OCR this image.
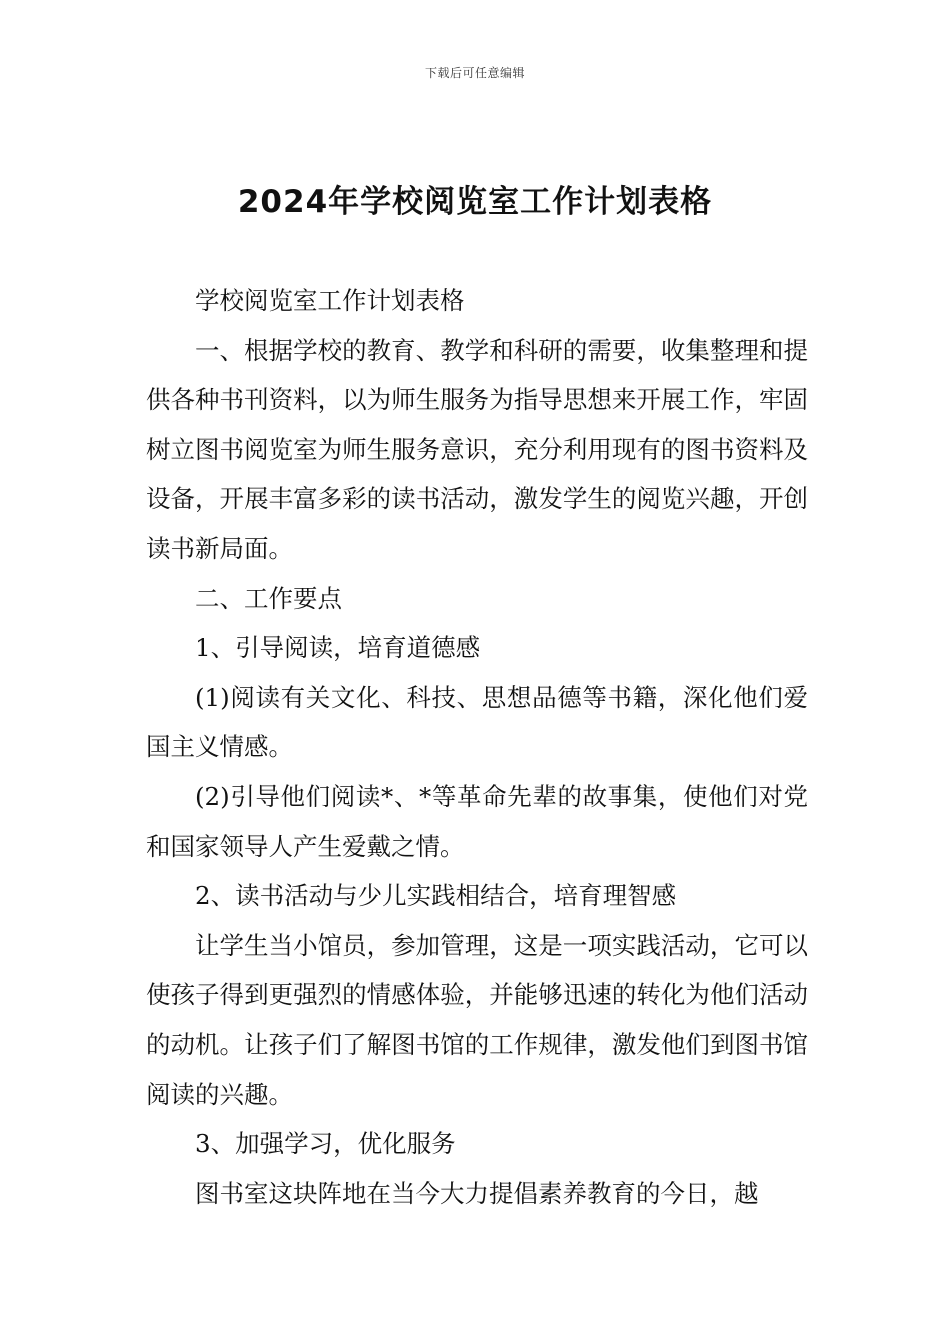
下载后可任意编辑
2024年学校阅览室工作计划表格

学校阅览室工作计划表格

一、根据学校的教育、教学和科研的需要，收集整理和提供各种书刊资料，以为师生服务为指导思想来开展工作，牢固树立图书阅览室为师生服务意识，充分利用现有的图书资料及设备，开展丰富多彩的读书活动，激发学生的阅览兴趣，开创读书新局面。

二、工作要点

1、引导阅读，培育道德感

(1)阅读有关文化、科技、思想品德等书籍，深化他们爱国主义情感。

(2)引导他们阅读*、*等革命先辈的故事集，使他们对党和国家领导人产生爱戴之情。

2、读书活动与少儿实践相结合，培育理智感

让学生当小馆员，参加管理，这是一项实践活动，它可以使孩子得到更强烈的情感体验，并能够迅速的转化为他们活动的动机。让孩子们了解图书馆的工作规律，激发他们到图书馆阅读的兴趣。

3、加强学习，优化服务

图书室这块阵地在当今大力提倡素养教育的今日，越
